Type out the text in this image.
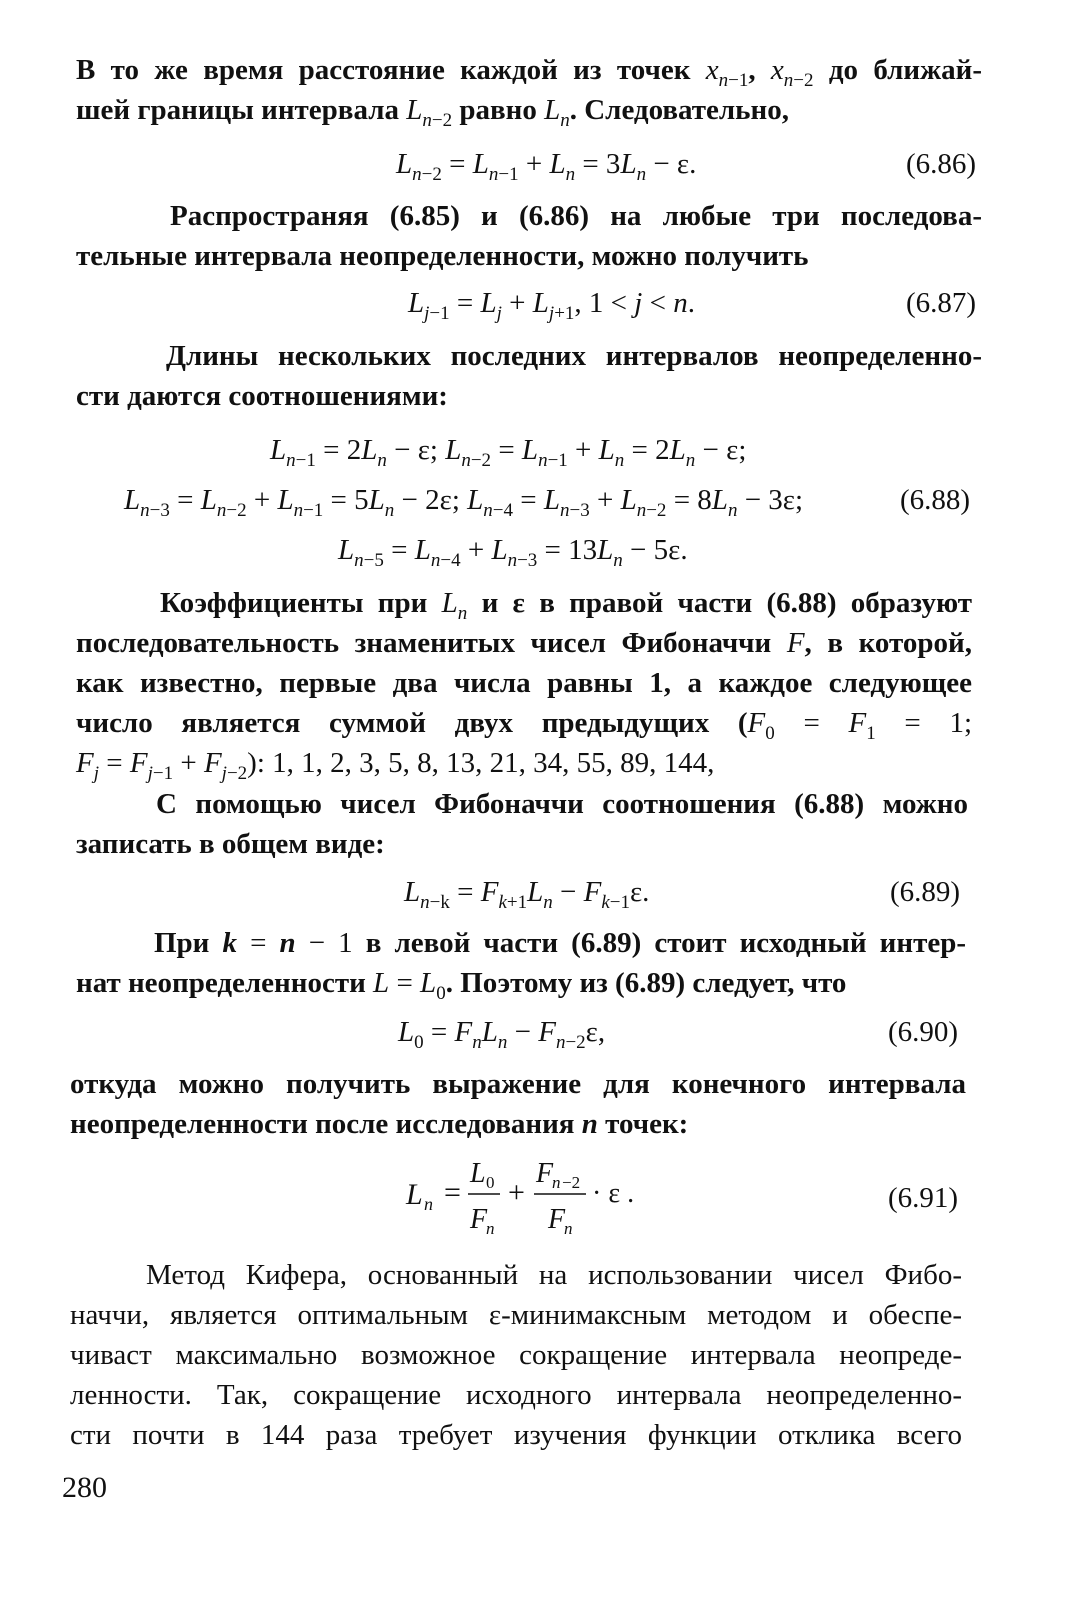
В то же время расстояние каждой из точек $x_{n-1}$, $x_{n-2}$ до ближай-
шей границы интервала $L_{n-2}$ равно $L_n$. Следовательно,
$L_{n-2} = L_{n-1} + L_n = 3L_n - \varepsilon$.	(6.86)
Распространяя (6.85) и (6.86) на любые три последова-
тельные интервала неопределенности, можно получить
$L_{j-1} = L_j + L_{j+1}$, 1 < j < n.	(6.87)
Длины нескольких последних интервалов неопределенно-
сти даются соотношениями:
$L_{n-1} = 2L_n - \varepsilon$; $L_{n-2} = L_{n-1} + L_n = 2L_n - \varepsilon$;
$L_{n-3} = L_{n-2} + L_{n-1} = 5L_n - 2\varepsilon$; $L_{n-4} = L_{n-3} + L_{n-2} = 8L_n - 3\varepsilon$;	(6.88)
$L_{n-5} = L_{n-4} + L_{n-3} = 13L_n - 5\varepsilon$.
Коэффициенты при $L_n$ и ε в правой части (6.88) образуют
последовательность знаменитых чисел Фибоначчи F, в которой,
как известно, первые два числа равны 1, а каждое следующее
число является суммой двух предыдущих ($F_0 = F_1 = 1$;
$F_j = F_{j-1} + F_{j-2}$): 1, 1, 2, 3, 5, 8, 13, 21, 34, 55, 89, 144,
С помощью чисел Фибоначчи соотношения (6.88) можно
записать в общем виде:
$L_{n-k} = F_{k+1}L_n - F_{k-1}\varepsilon$.	(6.89)
При k = n − 1 в левой части (6.89) стоит исходный интер-
нат неопределенности $L = L_0$. Поэтому из (6.89) следует, что
$L_0 = F_nL_n - F_{n-2}\varepsilon$,	(6.90)
откуда можно получить выражение для конечного интервала
неопределенности после исследования n точек:
L n =
L 0
F
n
+
F
n −2
F
n
· ε .	(6.91)
Метод Кифера, основанный на использовании чисел Фибо-
наччи, является оптимальным ε-минимаксным методом и обеспе-
чиваст максимально возможное сокращение интервала неопреде-
ленности. Так, сокращение исходного интервала неопределенно-
сти почти в 144 раза требует изучения функции отклика всего
280
